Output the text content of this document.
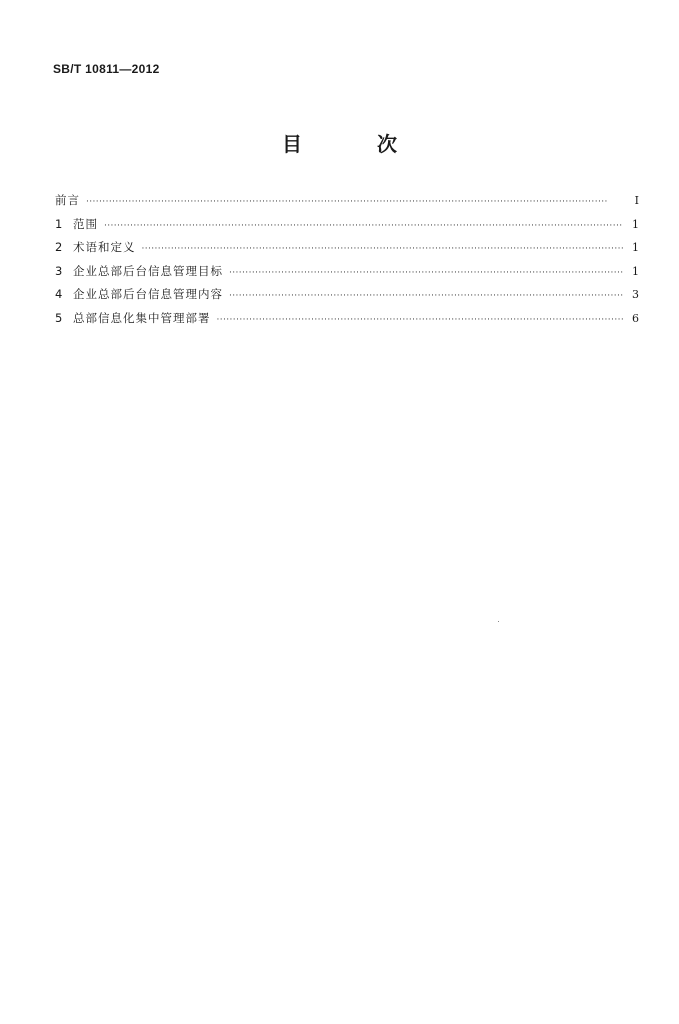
SB/T 10811—2012
目 次
前言 ·····	Ⅰ
1 范围 ·····	1
2 术语和定义 ·····	1
3 企业总部后台信息管理目标 ·····	1
4 企业总部后台信息管理内容 ·····	3
5 总部信息化集中管理部署 ·····	6
